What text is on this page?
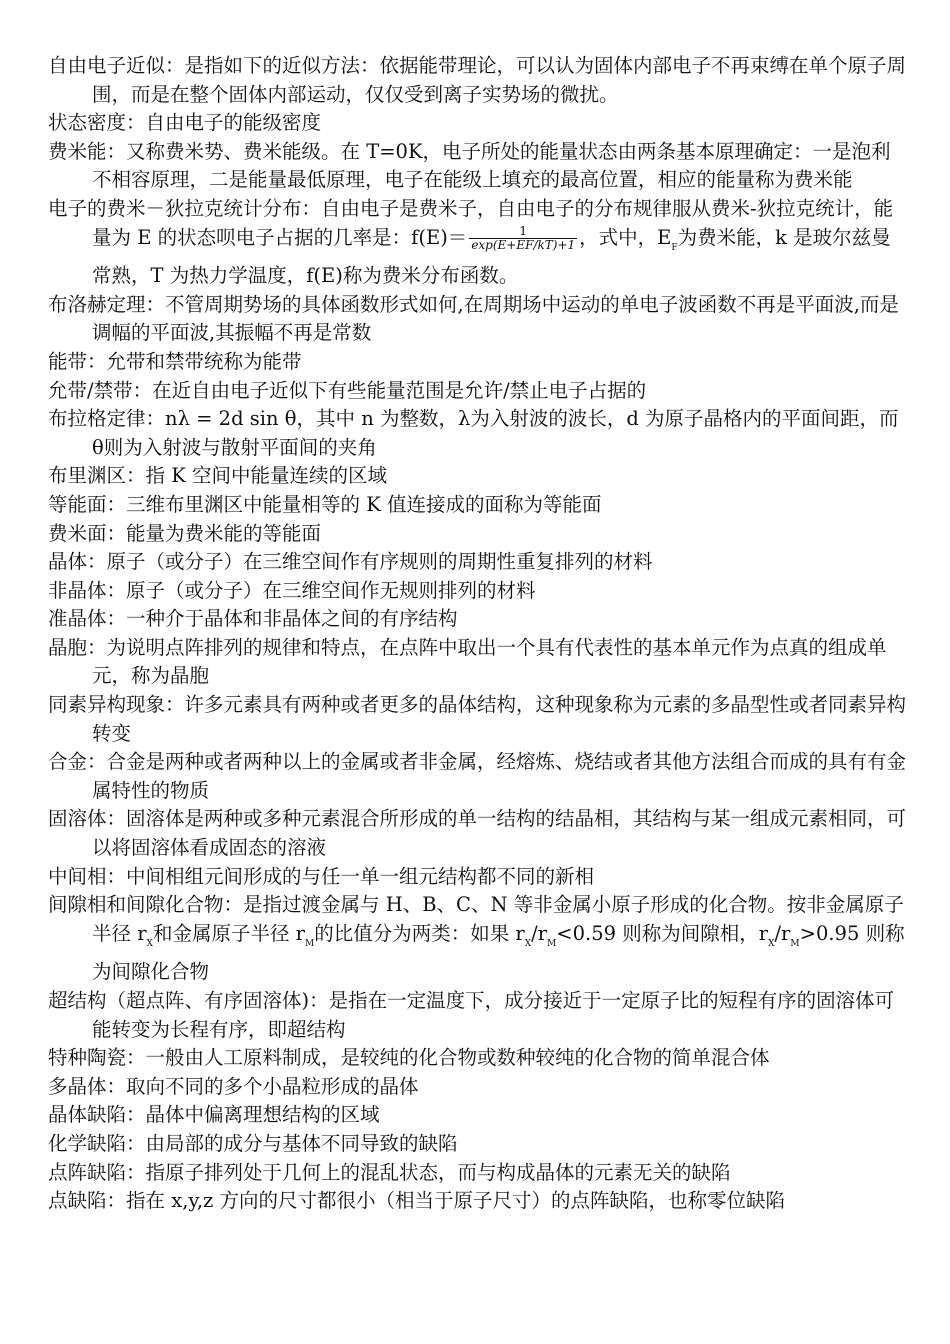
自由电子近似：是指如下的近似方法：依据能带理论，可以认为固体内部电子不再束缚在单个原子周围，而是在整个固体内部运动，仅仅受到离子实势场的微扰。
状态密度：自由电子的能级密度
费米能：又称费米势、费米能级。在 T=0K，电子所处的能量状态由两条基本原理确定：一是泡利不相容原理，二是能量最低原理，电子在能级上填充的最高位置，相应的能量称为费米能
电子的费米－狄拉克统计分布：自由电子是费米子，自由电子的分布规律服从费米-狄拉克统计，能量为 E 的状态呗电子占据的几率是：$f(E)= \frac{1}{\exp(E+EF/kT)+1}$ ，式中，$E_F$为费米能，k 是玻尔兹曼常熟，T 为热力学温度，f(E)称为费米分布函数。
布洛赫定理：不管周期势场的具体函数形式如何,在周期场中运动的单电子波函数不再是平面波,而是调幅的平面波,其振幅不再是常数
能带：允带和禁带统称为能带
允带/禁带：在近自由电子近似下有些能量范围是允许/禁止电子占据的
布拉格定律：nλ = 2d sin θ，其中 n 为整数，λ为入射波的波长，d 为原子晶格内的平面间距，而θ则为入射波与散射平面间的夹角
布里渊区：指 K 空间中能量连续的区域
等能面：三维布里渊区中能量相等的 K 值连接成的面称为等能面
费米面：能量为费米能的等能面
晶体：原子（或分子）在三维空间作有序规则的周期性重复排列的材料
非晶体：原子（或分子）在三维空间作无规则排列的材料
准晶体：一种介于晶体和非晶体之间的有序结构
晶胞：为说明点阵排列的规律和特点，在点阵中取出一个具有代表性的基本单元作为点真的组成单元，称为晶胞
同素异构现象：许多元素具有两种或者更多的晶体结构，这种现象称为元素的多晶型性或者同素异构转变
合金：合金是两种或者两种以上的金属或者非金属，经熔炼、烧结或者其他方法组合而成的具有有金属特性的物质
固溶体：固溶体是两种或多种元素混合所形成的单一结构的结晶相，其结构与某一组成元素相同，可以将固溶体看成固态的溶液
中间相：中间相组元间形成的与任一单一组元结构都不同的新相
间隙相和间隙化合物：是指过渡金属与 H、B、C、N 等非金属小原子形成的化合物。按非金属原子半径 $r_X$和金属原子半径 $r_M$的比值分为两类：如果 $r_X/r_M<0.59$ 则称为间隙相，$r_X/r_M>0.95$ 则称为间隙化合物
超结构（超点阵、有序固溶体)：是指在一定温度下，成分接近于一定原子比的短程有序的固溶体可能转变为长程有序，即超结构
特种陶瓷：一般由人工原料制成，是较纯的化合物或数种较纯的化合物的简单混合体
多晶体：取向不同的多个小晶粒形成的晶体
晶体缺陷：晶体中偏离理想结构的区域
化学缺陷：由局部的成分与基体不同导致的缺陷
点阵缺陷：指原子排列处于几何上的混乱状态，而与构成晶体的元素无关的缺陷
点缺陷：指在 x,y,z 方向的尺寸都很小（相当于原子尺寸）的点阵缺陷，也称零位缺陷
